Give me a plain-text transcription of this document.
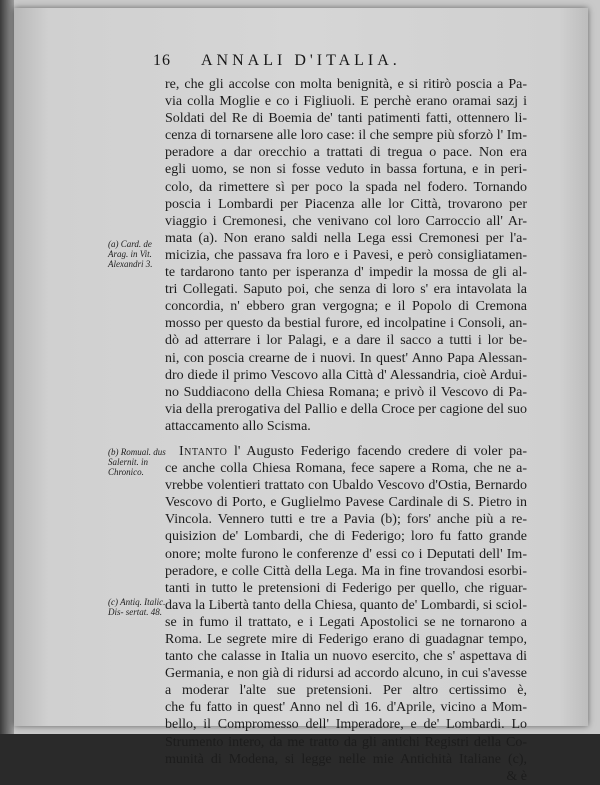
16 ANNALI D'ITALIA.
re, che gli accolse con molta benignità, e si ritirò poscia a Pa-
via colla Moglie e co i Figliuoli. E perchè erano oramai sazj i
Soldati del Re di Boemia de' tanti patimenti fatti, ottennero li-
cenza di tornarsene alle loro case: il che sempre più sforzò l' Im-
peradore a dar orecchio a trattati di tregua o pace. Non era
egli uomo, se non si fosse veduto in bassa fortuna, e in peri-
colo, da rimettere sì per poco la spada nel fodero. Tornando
poscia i Lombardi per Piacenza alle lor Città, trovarono per
viaggio i Cremonesi, che venivano col loro Carroccio all' Ar-
mata (a). Non erano saldi nella Lega essi Cremonesi per l'a-
micizia, che passava fra loro e i Pavesi, e però consigliatamen-
te tardarono tanto per isperanza d' impedir la mossa de gli al-
tri Collegati. Saputo poi, che senza di loro s' era intavolata la
concordia, n' ebbero gran vergogna; e il Popolo di Cremona
mosso per questo da bestial furore, ed incolpatine i Consoli, an-
dò ad atterrare i lor Palagi, e a dare il sacco a tutti i lor be-
ni, con poscia crearne de i nuovi. In quest' Anno Papa Alessan-
dro diede il primo Vescovo alla Città d' Alessandria, cioè Ardui-
no Suddiacono della Chiesa Romana; e privò il Vescovo di Pa-
via della prerogativa del Pallio e della Croce per cagione del suo
attaccamento allo Scisma.
Intanto l' Augusto Federigo facendo credere di voler pa-
ce anche colla Chiesa Romana, fece sapere a Roma, che ne a-
vrebbe volentieri trattato con Ubaldo Vescovo d'Ostia, Bernardo
Vescovo di Porto, e Guglielmo Pavese Cardinale di S. Pietro in
Vincola. Vennero tutti e tre a Pavia (b); fors' anche più a re-
quisizion de' Lombardi, che di Federigo; loro fu fatto grande
onore; molte furono le conferenze d' essi co i Deputati dell' Im-
peradore, e colle Città della Lega. Ma in fine trovandosi esorbi-
tanti in tutto le pretensioni di Federigo per quello, che riguar-
dava la Libertà tanto della Chiesa, quanto de' Lombardi, si sciol-
se in fumo il trattato, e i Legati Apostolici se ne tornarono a
Roma. Le segrete mire di Federigo erano di guadagnar tempo,
tanto che calasse in Italia un nuovo esercito, che s' aspettava di
Germania, e non già di ridursi ad accordo alcuno, in cui s'avesse
a moderar l'alte sue pretensioni. Per altro certissimo è,
che fu fatto in quest' Anno nel dì 16. d'Aprile, vicino a Mom-
bello, il Compromesso dell' Imperadore, e de' Lombardi. Lo
Strumento intero, da me tratto da gli antichi Registri della Co-
munità di Modena, si legge nelle mie Antichità Italiane (c),
& è
(a) Card. de Arag. in Vit. Alexandri 3.
(b) Romual. dus Salernit. in Chronico.
(c) Antiq. Italic. Dis- sertat. 48.
